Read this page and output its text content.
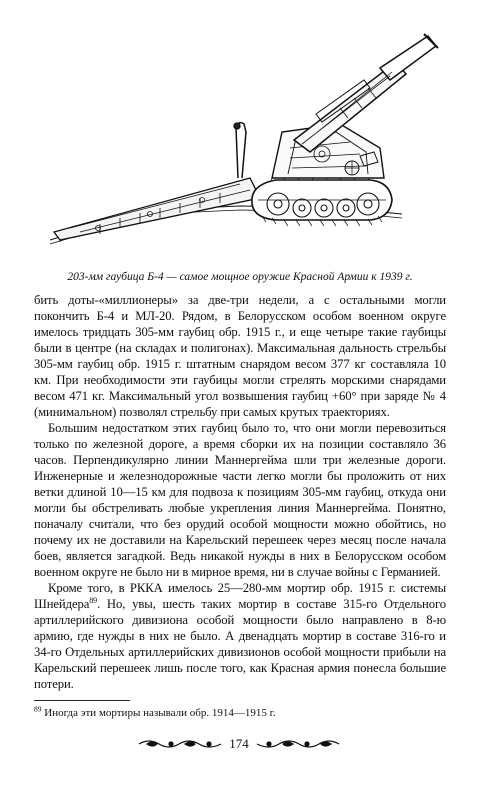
203-мм гаубица Б-4 — самое мощное оружие Красной Армии к 1939 г.

бить доты-«миллионеры» за две-три недели, а с остальными могли покончить Б-4 и МЛ-20. Рядом, в Белорусском особом военном округе имелось тридцать 305-мм гаубиц обр. 1915 г., и еще четыре такие гаубицы были в центре (на складах и полигонах). Максимальная дальность стрельбы 305-мм гаубиц обр. 1915 г. штатным снарядом весом 377 кг составляла 10 км. При необходимости эти гаубицы могли стрелять морскими снарядами весом 471 кг. Максимальный угол возвышения гаубиц +60° при заряде № 4 (минимальном) позволял стрельбу при самых крутых траекториях.

Большим недостатком этих гаубиц было то, что они могли перевозиться только по железной дороге, а время сборки их на позиции составляло 36 часов. Перпендикулярно линии Маннергейма шли три железные дороги. Инженерные и железнодорожные части легко могли бы проложить от них ветки длиной 10—15 км для подвоза к позициям 305-мм гаубиц, откуда они могли бы обстреливать любые укрепления линия Маннергейма. Понятно, поначалу считали, что без орудий особой мощности можно обойтись, но почему их не доставили на Карельский перешеек через месяц после начала боев, является загадкой. Ведь никакой нужды в них в Белорусском особом военном округе не было ни в мирное время, ни в случае войны с Германией.

Кроме того, в РККА имелось 25—280-мм мортир обр. 1915 г. системы Шнейдера$^{89}$. Но, увы, шесть таких мортир в составе 315-го Отдельного артиллерийского дивизиона особой мощности было направлено в 8-ю армию, где нужды в них не было. А двенадцать мортир в составе 316-го и 34-го Отдельных артиллерийских дивизионов особой мощности прибыли на Карельский перешеек лишь после того, как Красная армия понесла большие потери.

$^{89}$ Иногда эти мортиры называли обр. 1914—1915 г.
174
